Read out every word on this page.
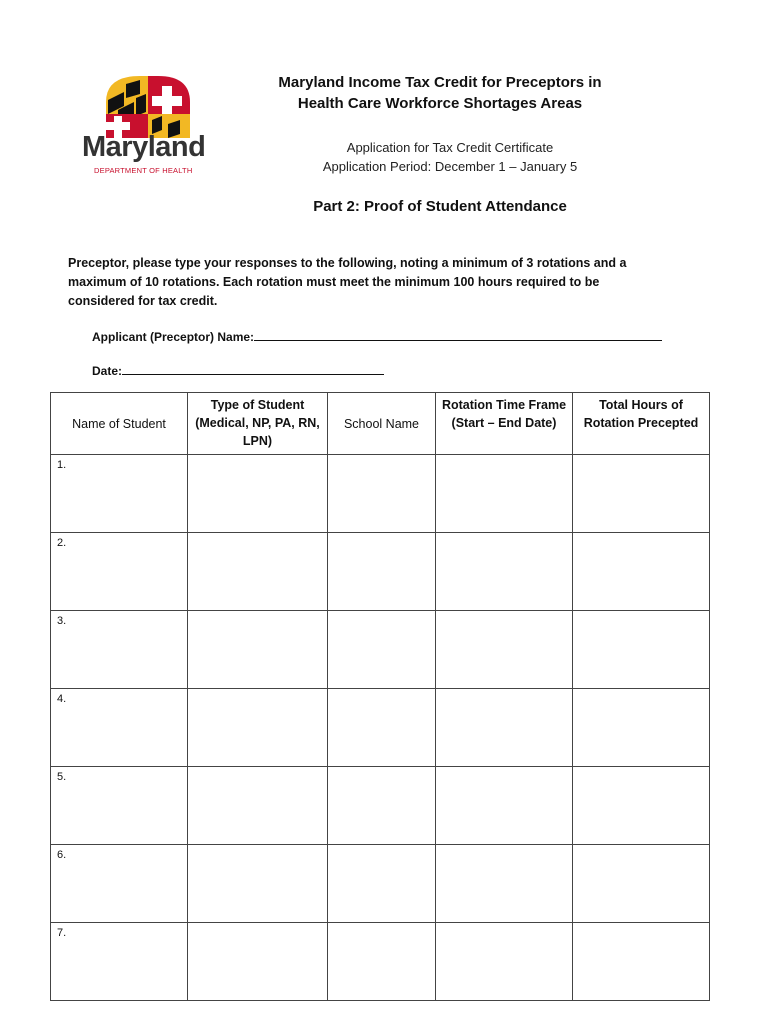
Maryland
DEPARTMENT OF HEALTH
Maryland Income Tax Credit for Preceptors in
Health Care Workforce Shortages Areas
Application for Tax Credit Certificate
Application Period: December 1 – January 5
Part 2: Proof of Student Attendance
Preceptor, please type your responses to the following, noting a minimum of 3 rotations and a
maximum of 10 rotations. Each rotation must meet the minimum 100 hours required to be
considered for tax credit.
Applicant (Preceptor) Name:
Date:
Name of Student	Type of Student (Medical, NP, PA, RN, LPN)	School Name	Rotation Time Frame (Start – End Date)	Total Hours of Rotation Precepted
1.				
2.				
3.				
4.				
5.				
6.				
7.				
